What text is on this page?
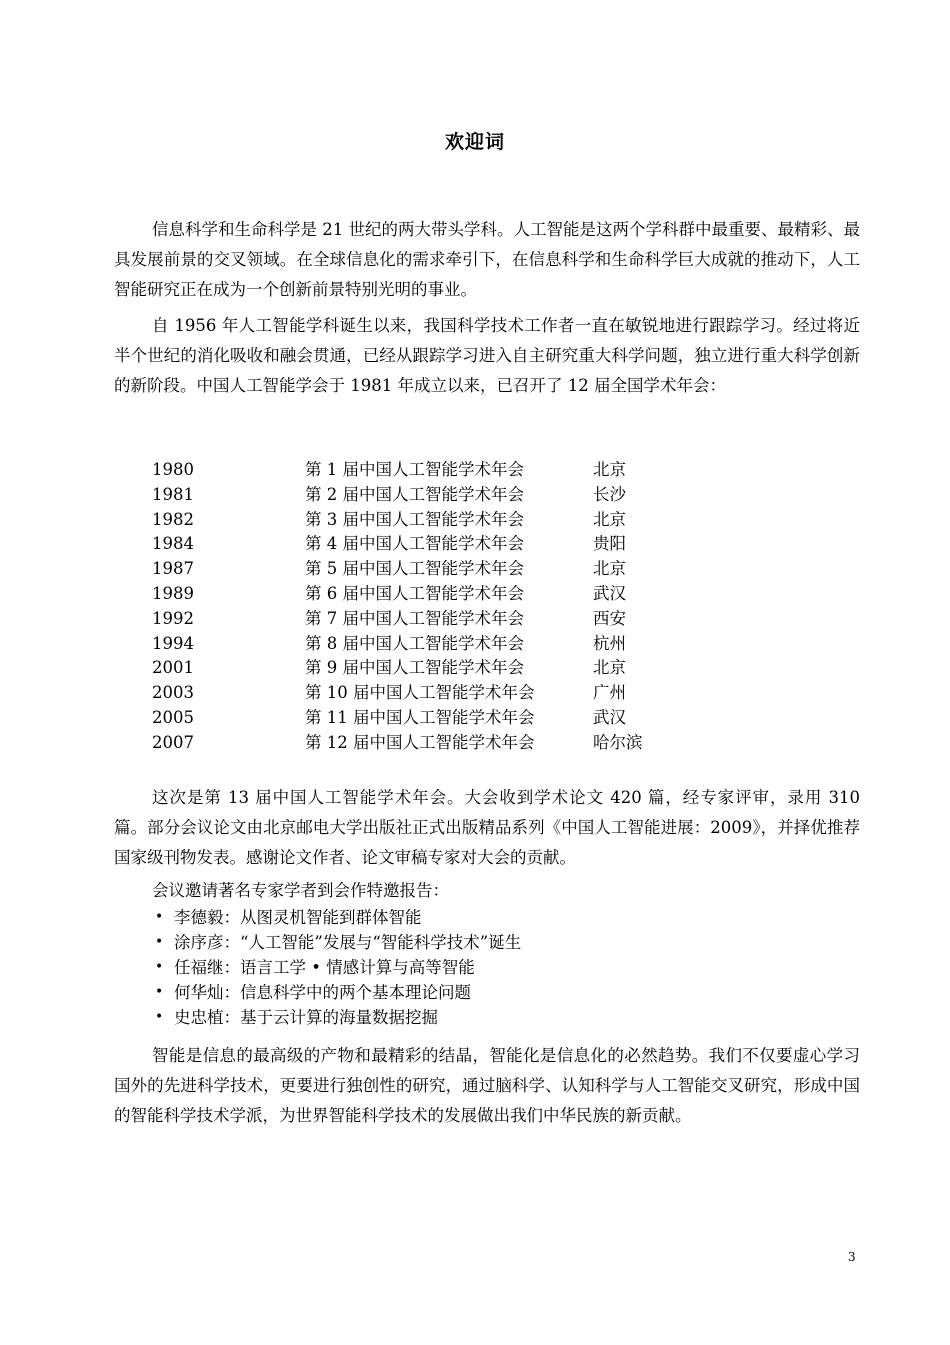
欢迎词

信息科学和生命科学是 21 世纪的两大带头学科。人工智能是这两个学科群中最重要、最精彩、最具发展前景的交叉领域。在全球信息化的需求牵引下，在信息科学和生命科学巨大成就的推动下，人工智能研究正在成为一个创新前景特别光明的事业。

自 1956 年人工智能学科诞生以来，我国科学技术工作者一直在敏锐地进行跟踪学习。经过将近半个世纪的消化吸收和融会贯通，已经从跟踪学习进入自主研究重大科学问题，独立进行重大科学创新的新阶段。中国人工智能学会于 1981 年成立以来，已召开了 12 届全国学术年会：

1980	第 1 届中国人工智能学术年会	北京
1981	第 2 届中国人工智能学术年会	长沙
1982	第 3 届中国人工智能学术年会	北京
1984	第 4 届中国人工智能学术年会	贵阳
1987	第 5 届中国人工智能学术年会	北京
1989	第 6 届中国人工智能学术年会	武汉
1992	第 7 届中国人工智能学术年会	西安
1994	第 8 届中国人工智能学术年会	杭州
2001	第 9 届中国人工智能学术年会	北京
2003	第 10 届中国人工智能学术年会	广州
2005	第 11 届中国人工智能学术年会	武汉
2007	第 12 届中国人工智能学术年会	哈尔滨

这次是第 13 届中国人工智能学术年会。大会收到学术论文 420 篇，经专家评审，录用 310 篇。部分会议论文由北京邮电大学出版社正式出版精品系列《中国人工智能进展：2009》，并择优推荐国家级刊物发表。感谢论文作者、论文审稿专家对大会的贡献。

会议邀请著名专家学者到会作特邀报告：
• 李德毅：从图灵机智能到群体智能
• 涂序彦：“人工智能”发展与“智能科学技术”诞生
• 任福继：语言工学 • 情感计算与高等智能
• 何华灿：信息科学中的两个基本理论问题
• 史忠植：基于云计算的海量数据挖掘

智能是信息的最高级的产物和最精彩的结晶，智能化是信息化的必然趋势。我们不仅要虚心学习国外的先进科学技术，更要进行独创性的研究，通过脑科学、认知科学与人工智能交叉研究，形成中国的智能科学技术学派，为世界智能科学技术的发展做出我们中华民族的新贡献。

3
